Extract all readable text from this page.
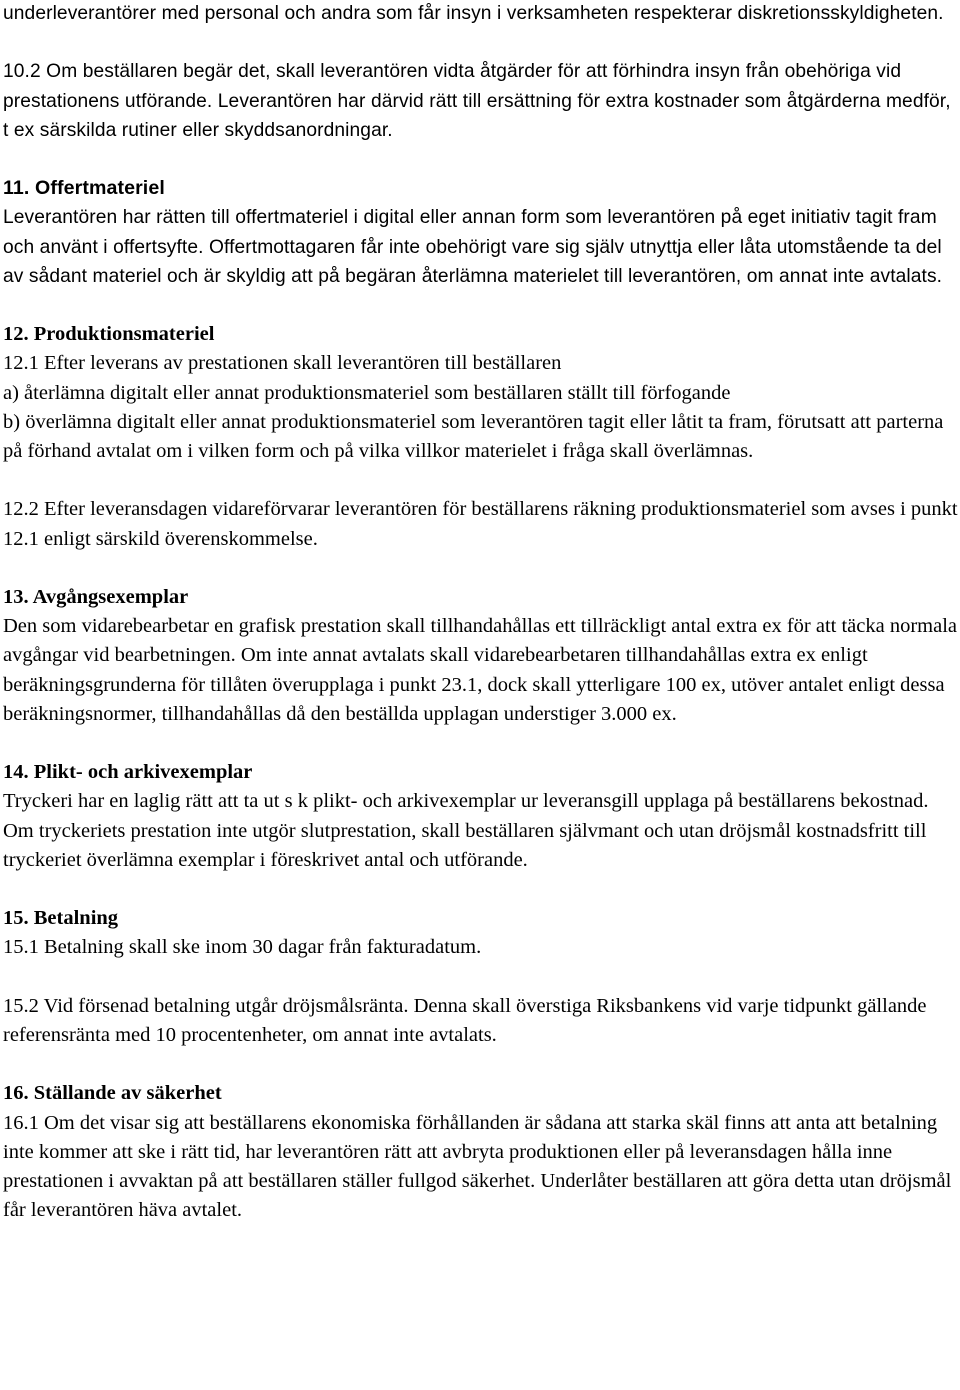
underleverantörer med personal och andra som får insyn i verksamheten respekterar diskretionsskyldigheten.

10.2 Om beställaren begär det, skall leverantören vidta åtgärder för att förhindra insyn från obehöriga vid prestationens utförande. Leverantören har därvid rätt till ersättning för extra kostnader som åtgärderna medför, t ex särskilda rutiner eller skyddsanordningar.

11. Offertmateriel

Leverantören har rätten till offertmateriel i digital eller annan form som leverantören på eget initiativ tagit fram och använt i offertsyfte. Offertmottagaren får inte obehörigt vare sig själv utnyttja eller låta utomstående ta del av sådant materiel och är skyldig att på begäran återlämna materielet till leverantören, om annat inte avtalats.

12. Produktionsmateriel

12.1 Efter leverans av prestationen skall leverantören till beställaren

a) återlämna digitalt eller annat produktionsmateriel som beställaren ställt till förfogande

b) överlämna digitalt eller annat produktionsmateriel som leverantören tagit eller låtit ta fram, förutsatt att parterna på förhand avtalat om i vilken form och på vilka villkor materielet i fråga skall överlämnas.

12.2 Efter leveransdagen vidareförvarar leverantören för beställarens räkning produktionsmateriel som avses i punkt 12.1 enligt särskild överenskommelse.

13. Avgångsexemplar

Den som vidarebearbetar en grafisk prestation skall tillhandahållas ett tillräckligt antal extra ex för att täcka normala avgångar vid bearbetningen. Om inte annat avtalats skall vidarebearbetaren tillhandahållas extra ex enligt beräkningsgrunderna för tillåten överupplaga i punkt 23.1, dock skall ytterligare 100 ex, utöver antalet enligt dessa beräkningsnormer, tillhandahållas då den beställda upplagan understiger 3.000 ex.

14. Plikt- och arkivexemplar

Tryckeri har en laglig rätt att ta ut s k plikt- och arkivexemplar ur leveransgill upplaga på beställarens bekostnad. Om tryckeriets prestation inte utgör slutprestation, skall beställaren självmant och utan dröjsmål kostnadsfritt till tryckeriet överlämna exemplar i föreskrivet antal och utförande.

15. Betalning

15.1 Betalning skall ske inom 30 dagar från fakturadatum.

15.2 Vid försenad betalning utgår dröjsmålsränta. Denna skall överstiga Riksbankens vid varje tidpunkt gällande referensränta med 10 procentenheter, om annat inte avtalats.

16. Ställande av säkerhet

16.1 Om det visar sig att beställarens ekonomiska förhållanden är sådana att starka skäl finns att anta att betalning inte kommer att ske i rätt tid, har leverantören rätt att avbryta produktionen eller på leveransdagen hålla inne prestationen i avvaktan på att beställaren ställer fullgod säkerhet. Underlåter beställaren att göra detta utan dröjsmål får leverantören häva avtalet.
